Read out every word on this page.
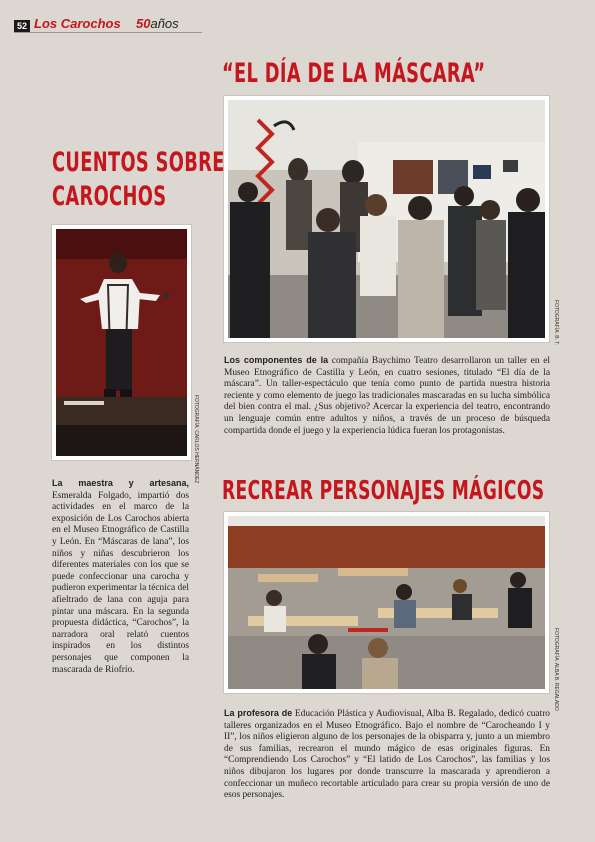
52 Los Carochos 50años
“EL DÍA DE LA MÁSCARA”
FOTOGRAFÍA: B. T.
Los componentes de la compañía Baychimo Teatro desarrollaron un taller en el Museo Etnográfico de Castilla y León, en cuatro sesiones, titulado “El día de la máscara”. Un taller-espectáculo que tenía como punto de partida nuestra historia reciente y como elemento de juego las tradicionales mascaradas en su lucha simbólica del bien contra el mal. ¿Sus objetivo? Acercar la experiencia del teatro, encontrando un lenguaje común entre adultos y niños, a través de un proceso de búsqueda compartida donde el juego y la experiencia lúdica fueran los protagonistas.
CUENTOS SOBRE
CAROCHOS
FOTOGRAFÍA: CARLOS HERNÁNDEZ
La maestra y artesana, Esmeralda Folgado, impartió dos actividades en el marco de la exposición de Los Carochos abierta en el Museo Etnográfico de Castilla y León. En “Máscaras de lana”, los niños y niñas descubrieron los diferentes materiales con los que se puede confeccionar una carocha y pudieron experimentar la técnica del afieltrado de lana con aguja para pintar una máscara. En la segunda propuesta didáctica, “Carochos”, la narradora oral relató cuentos inspirados en los distintos personajes que componen la mascarada de Riofrío.
RECREAR PERSONAJES MÁGICOS
FOTOGRAFÍA: ALBA B. REGALADO
La profesora de Educación Plástica y Audiovisual, Alba B. Regalado, dedicó cuatro talleres organizados en el Museo Etnográfico. Bajo el nombre de “Carocheando I y II”, los niños eligieron alguno de los personajes de la obisparra y, junto a un miembro de sus familias, recrearon el mundo mágico de esas originales figuras. En “Comprendiendo Los Carochos” y “El latido de Los Carochos”, las familias y los niños dibujaron los lugares por donde transcurre la mascarada y aprendieron a confeccionar un muñeco recortable articulado para crear su propia versión de uno de esos personajes.
